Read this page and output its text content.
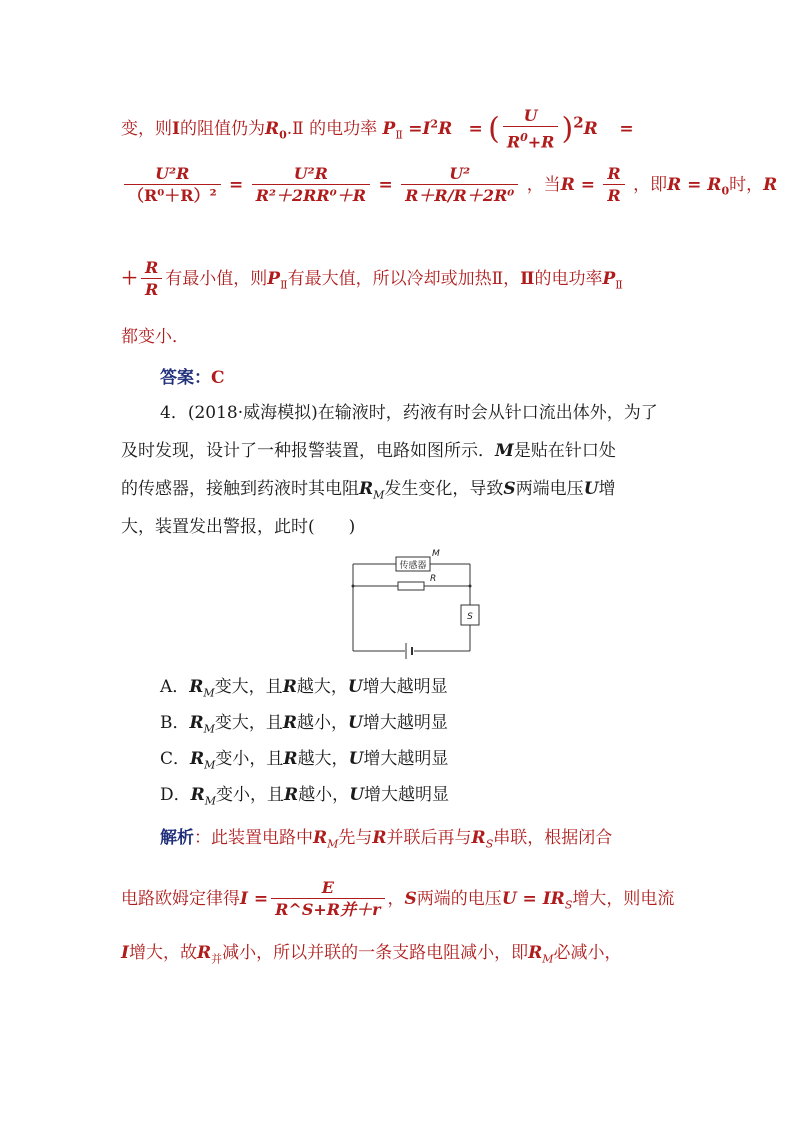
变，则Ⅰ的阻值仍为$R_0.Ⅱ$ 的电功率 $P_Ⅱ =I^2R$ = ( $\frac{U}{R^0+R} )^2R$ =
$\frac{\text{U²R}}{\text{（R⁰＋R）²}} = \frac{\text{U²R}}{\text{R²＋2RR⁰＋R}} = \frac{\text{U²}}{\text{R＋R/R＋2R⁰}}$ ，当$R = \frac{R}{R}$ ，即$R = R_0$时，R
＋ $\frac{R}{R}$ 有最小值，则$P_Ⅱ$有最大值，所以冷却或加热Ⅱ，Ⅱ的电功率$P_Ⅱ$
都变小．
答案：C
4．(2018·威海模拟)在输液时，药液有时会从针口流出体外，为了
及时发现，设计了一种报警装置，电路如图所示．M是贴在针口处
的传感器，接触到药液时其电阻$R_M$发生变化，导致S两端电压U增
大，装置发出警报，此时(　　)
传感器
M
R
S
A．$R_M$变大，且R越大，U增大越明显
B．$R_M$变大，且R越小，U增大越明显
C．$R_M$变小，且R越大，U增大越明显
D．$R_M$变小，且R越小，U增大越明显
解析：此装置电路中$R_M$先与R并联后再与$R_S$串联，根据闭合
电路欧姆定律得$I = \frac{E}{\text{R\textasciicircum{}S+R并＋r}}$ ，S两端的电压$U = IR_S$增大，则电流
I增大，故$R_并$减小，所以并联的一条支路电阻减小，即$R_M$必减小，
